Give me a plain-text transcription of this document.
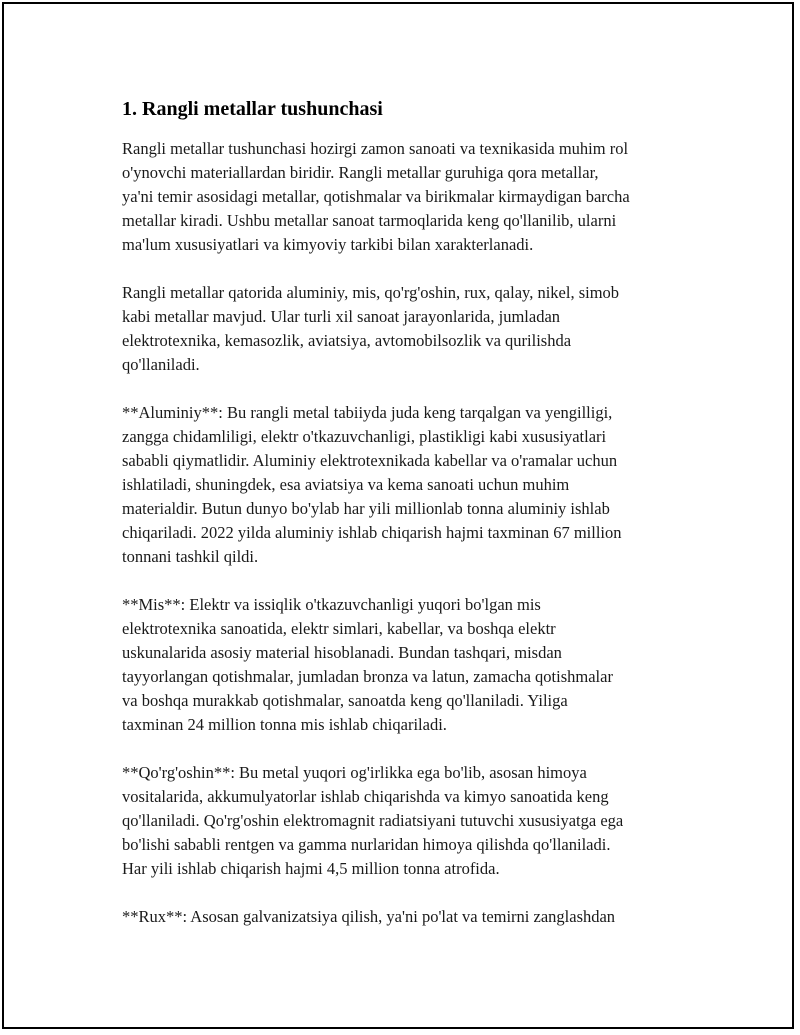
1. Rangli metallar tushunchasi
Rangli metallar tushunchasi hozirgi zamon sanoati va texnikasida muhim rol
o'ynovchi materiallardan biridir. Rangli metallar guruhiga qora metallar,
ya'ni temir asosidagi metallar, qotishmalar va birikmalar kirmaydigan barcha
metallar kiradi. Ushbu metallar sanoat tarmoqlarida keng qo'llanilib, ularni
ma'lum xususiyatlari va kimyoviy tarkibi bilan xarakterlanadi.
Rangli metallar qatorida aluminiy, mis, qo'rg'oshin, rux, qalay, nikel, simob
kabi metallar mavjud. Ular turli xil sanoat jarayonlarida, jumladan
elektrotexnika, kemasozlik, aviatsiya, avtomobilsozlik va qurilishda
qo'llaniladi.
**Aluminiy**: Bu rangli metal tabiiyda juda keng tarqalgan va yengilligi,
zangga chidamliligi, elektr o'tkazuvchanligi, plastikligi kabi xususiyatlari
sababli qiymatlidir. Aluminiy elektrotexnikada kabellar va o'ramalar uchun
ishlatiladi, shuningdek, esa aviatsiya va kema sanoati uchun muhim
materialdir. Butun dunyo bo'ylab har yili millionlab tonna aluminiy ishlab
chiqariladi. 2022 yilda aluminiy ishlab chiqarish hajmi taxminan 67 million
tonnani tashkil qildi.
**Mis**: Elektr va issiqlik o'tkazuvchanligi yuqori bo'lgan mis
elektrotexnika sanoatida, elektr simlari, kabellar, va boshqa elektr
uskunalarida asosiy material hisoblanadi. Bundan tashqari, misdan
tayyorlangan qotishmalar, jumladan bronza va latun, zamacha qotishmalar
va boshqa murakkab qotishmalar, sanoatda keng qo'llaniladi. Yiliga
taxminan 24 million tonna mis ishlab chiqariladi.
**Qo'rg'oshin**: Bu metal yuqori og'irlikka ega bo'lib, asosan himoya
vositalarida, akkumulyatorlar ishlab chiqarishda va kimyo sanoatida keng
qo'llaniladi. Qo'rg'oshin elektromagnit radiatsiyani tutuvchi xususiyatga ega
bo'lishi sababli rentgen va gamma nurlaridan himoya qilishda qo'llaniladi.
Har yili ishlab chiqarish hajmi 4,5 million tonna atrofida.
**Rux**: Asosan galvanizatsiya qilish, ya'ni po'lat va temirni zanglashdan
